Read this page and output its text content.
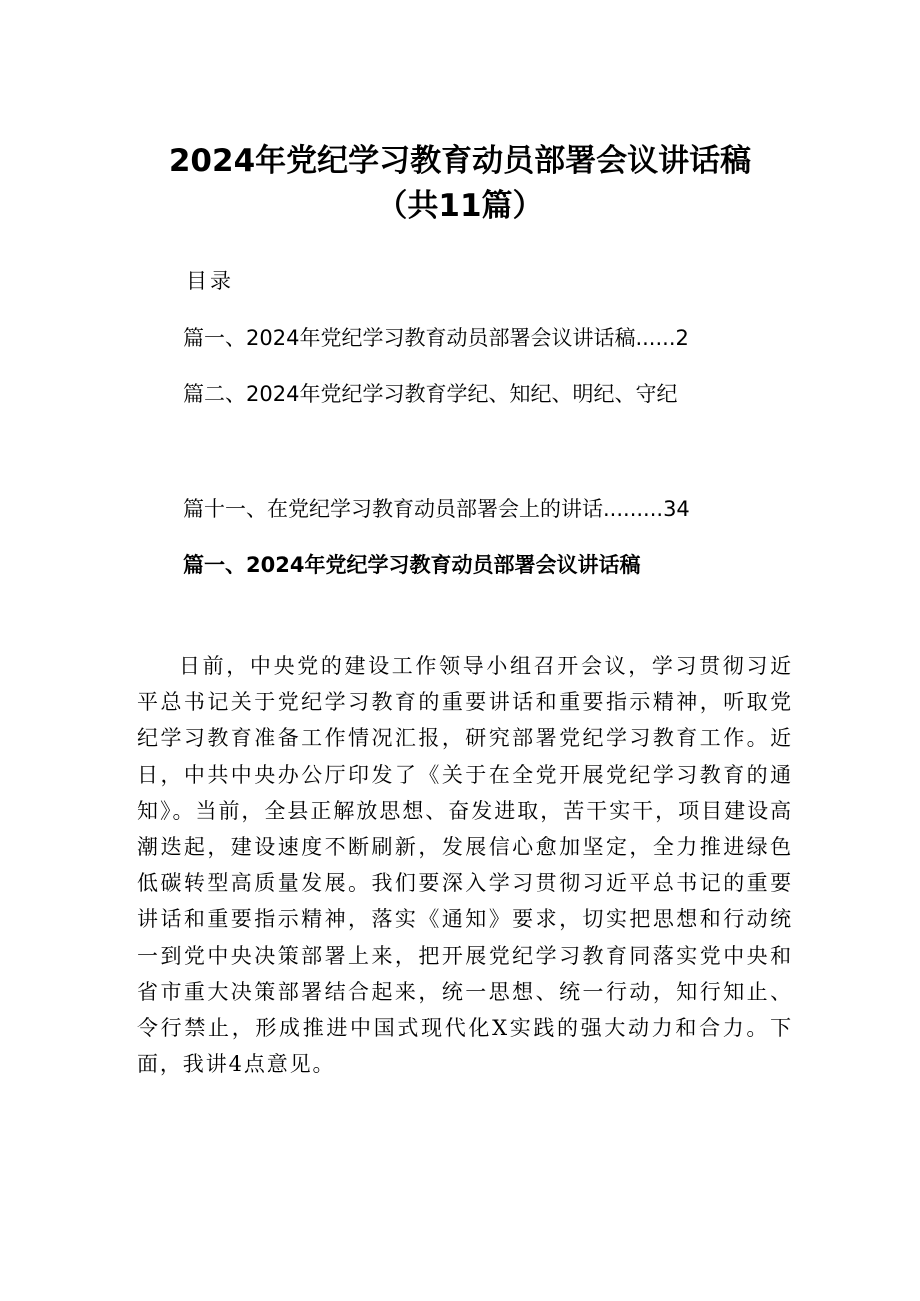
2024年党纪学习教育动员部署会议讲话稿
（共11篇）
目录
篇一、2024年党纪学习教育动员部署会议讲话稿......2
篇二、2024年党纪学习教育学纪、知纪、明纪、守纪
篇十一、在党纪学习教育动员部署会上的讲话.........34
篇一、2024年党纪学习教育动员部署会议讲话稿

日前，中央党的建设工作领导小组召开会议，学习贯彻习近平总书记关于党纪学习教育的重要讲话和重要指示精神，听取党纪学习教育准备工作情况汇报，研究部署党纪学习教育工作。近日，中共中央办公厅印发了《关于在全党开展党纪学习教育的通知》。当前，全县正解放思想、奋发进取，苦干实干，项目建设高潮迭起，建设速度不断刷新，发展信心愈加坚定，全力推进绿色低碳转型高质量发展。我们要深入学习贯彻习近平总书记的重要讲话和重要指示精神，落实《通知》要求，切实把思想和行动统一到党中央决策部署上来，把开展党纪学习教育同落实党中央和省市重大决策部署结合起来，统一思想、统一行动，知行知止、令行禁止，形成推进中国式现代化X实践的强大动力和合力。下面，我讲4点意见。
